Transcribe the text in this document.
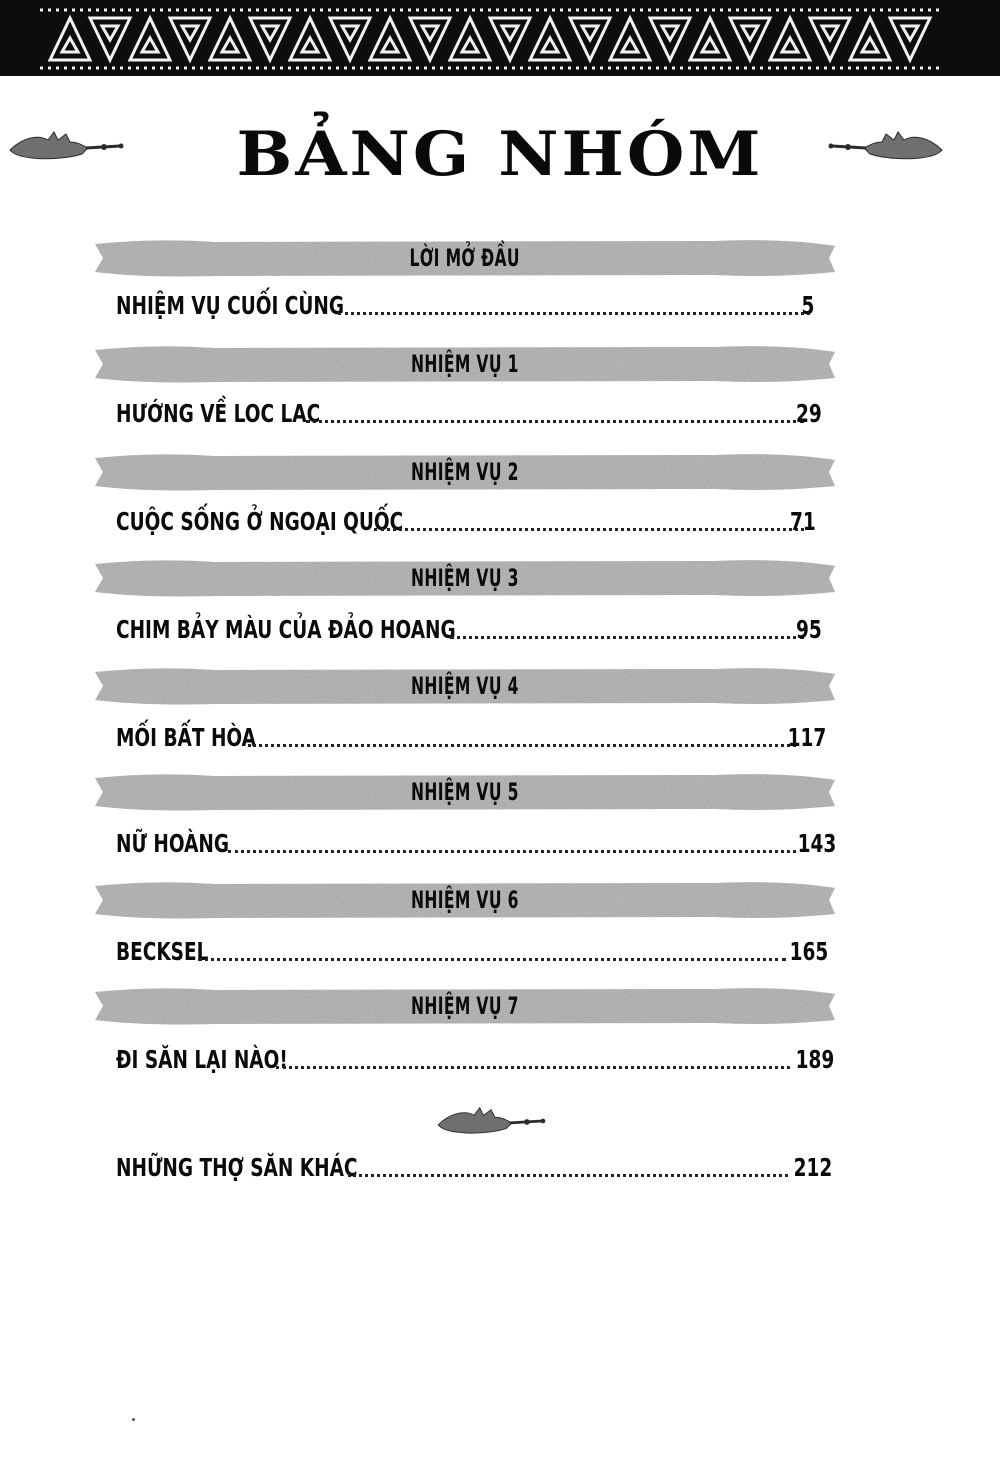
BẢNG NHÓM
LỜI MỞ ĐẦU
NHIỆM VỤ CUỐI CÙNG	5
NHIỆM VỤ 1
HƯỚNG VỀ LOC LAC	29
NHIỆM VỤ 2
CUỘC SỐNG Ở NGOẠI QUỐC	71
NHIỆM VỤ 3
CHIM BẢY MÀU CỦA ĐẢO HOANG	95
NHIỆM VỤ 4
MỐI BẤT HÒA	117
NHIỆM VỤ 5
NỮ HOÀNG	143
NHIỆM VỤ 6
BECKSEL	165
NHIỆM VỤ 7
ĐI SĂN LẠI NÀO!	189
NHỮNG THỢ SĂN KHÁC	212
